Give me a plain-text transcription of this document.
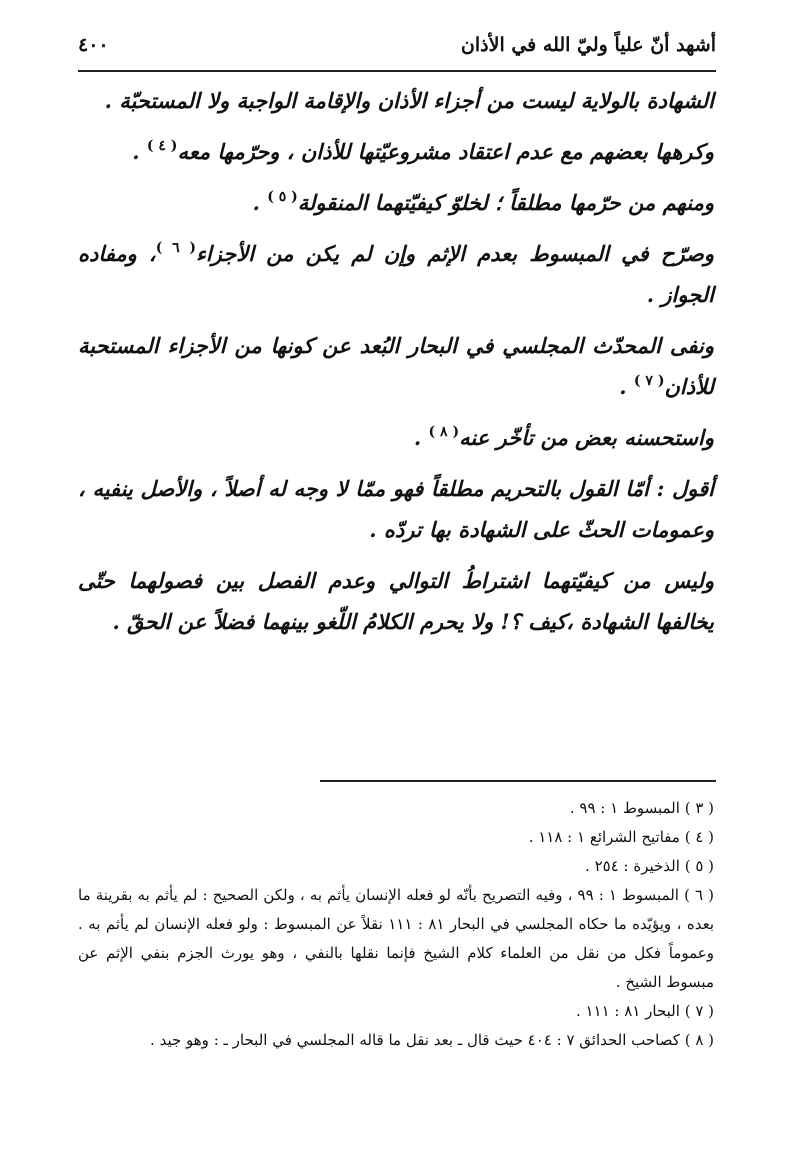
أشهد أنّ علياً وليّ الله في الأذان
٤٠٠

الشهادة بالولاية ليست من أجزاء الأذان والإقامة الواجبة ولا المستحبّة .

وكرهها بعضهم مع عدم اعتقاد مشروعيّتها للأذان ، وحرّمها معه$^{( ٤ )}$ .

ومنهم من حرّمها مطلقاً ؛ لخلوّ كيفيّتهما المنقولة$^{( ٥ )}$ .

وصرّح في المبسوط بعدم الإثم وإن لم يكن من الأجزاء$^{( ٦ )}$، ومفاده الجواز .

ونفى المحدّث المجلسي في البحار البُعد عن كونها من الأجزاء المستحبة للأذان$^{( ٧ )}$ .

واستحسنه بعض من تأخّر عنه$^{( ٨ )}$ .

أقول : أمّا القول بالتحريم مطلقاً فهو ممّا لا وجه له أصلاً ، والأصل ينفيه ، وعمومات الحثّ على الشهادة بها تردّه .

وليس من كيفيّتهما اشتراطُ التوالي وعدم الفصل بين فصولهما حتّى يخالفها الشهادة ،كيف ؟! ولا يحرم الكلامُ اللّغو بينهما فضلاً عن الحقّ .

( ٣ ) المبسوط ١ : ٩٩ .

( ٤ ) مفاتيح الشرائع ١ : ١١٨ .

( ٥ ) الذخيرة : ٢٥٤ .

( ٦ ) المبسوط ١ : ٩٩ ، وفيه التصريح بأنّه لو فعله الإنسان يأثم به ، ولكن الصحيح : لم يأثم به بقرينة ما بعده ، ويؤيّده ما حكاه المجلسي في البحار ٨١ : ١١١ نقلاً عن المبسوط : ولو فعله الإنسان لم يأثم به . وعموماً فكل من نقل من العلماء كلام الشيخ فإنما نقلها بالنفي ، وهو يورث الجزم بنفي الإثم عن مبسوط الشيخ .

( ٧ ) البحار ٨١ : ١١١ .

( ٨ ) كصاحب الحدائق ٧ : ٤٠٤ حيث قال ـ بعد نقل ما قاله المجلسي في البحار ـ : وهو جيد .
